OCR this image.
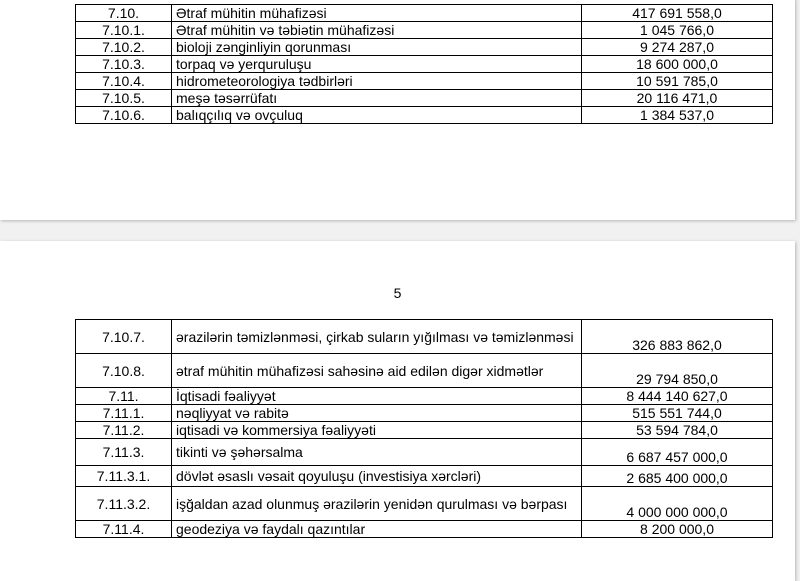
7.10.	Ətraf mühitin mühafizəsi	417 691 558,0
7.10.1.	Ətraf mühitin və təbiətin mühafizəsi	1 045 766,0
7.10.2.	bioloji zənginliyin qorunması	9 274 287,0
7.10.3.	torpaq və yerquruluşu	18 600 000,0
7.10.4.	hidrometeorologiya tədbirləri	10 591 785,0
7.10.5.	meşə təsərrüfatı	20 116 471,0
7.10.6.	balıqçılıq və ovçuluq	1 384 537,0
5
7.10.7.	ərazilərin təmizlənməsi, çirkab suların yığılması və təmizlənməsi	326 883 862,0
7.10.8.	ətraf mühitin mühafizəsi sahəsinə aid edilən digər xidmətlər	29 794 850,0
7.11.	İqtisadi fəaliyyət	8 444 140 627,0
7.11.1.	nəqliyyat və rabitə	515 551 744,0
7.11.2.	iqtisadi və kommersiya fəaliyyəti	53 594 784,0
7.11.3.	tikinti və şəhərsalma	6 687 457 000,0
7.11.3.1.	dövlət əsaslı vəsait qoyuluşu (investisiya xərcləri)	2 685 400 000,0
7.11.3.2.	işğaldan azad olunmuş ərazilərin yenidən qurulması və bərpası	4 000 000 000,0
7.11.4.	geodeziya və faydalı qazıntılar	8 200 000,0
